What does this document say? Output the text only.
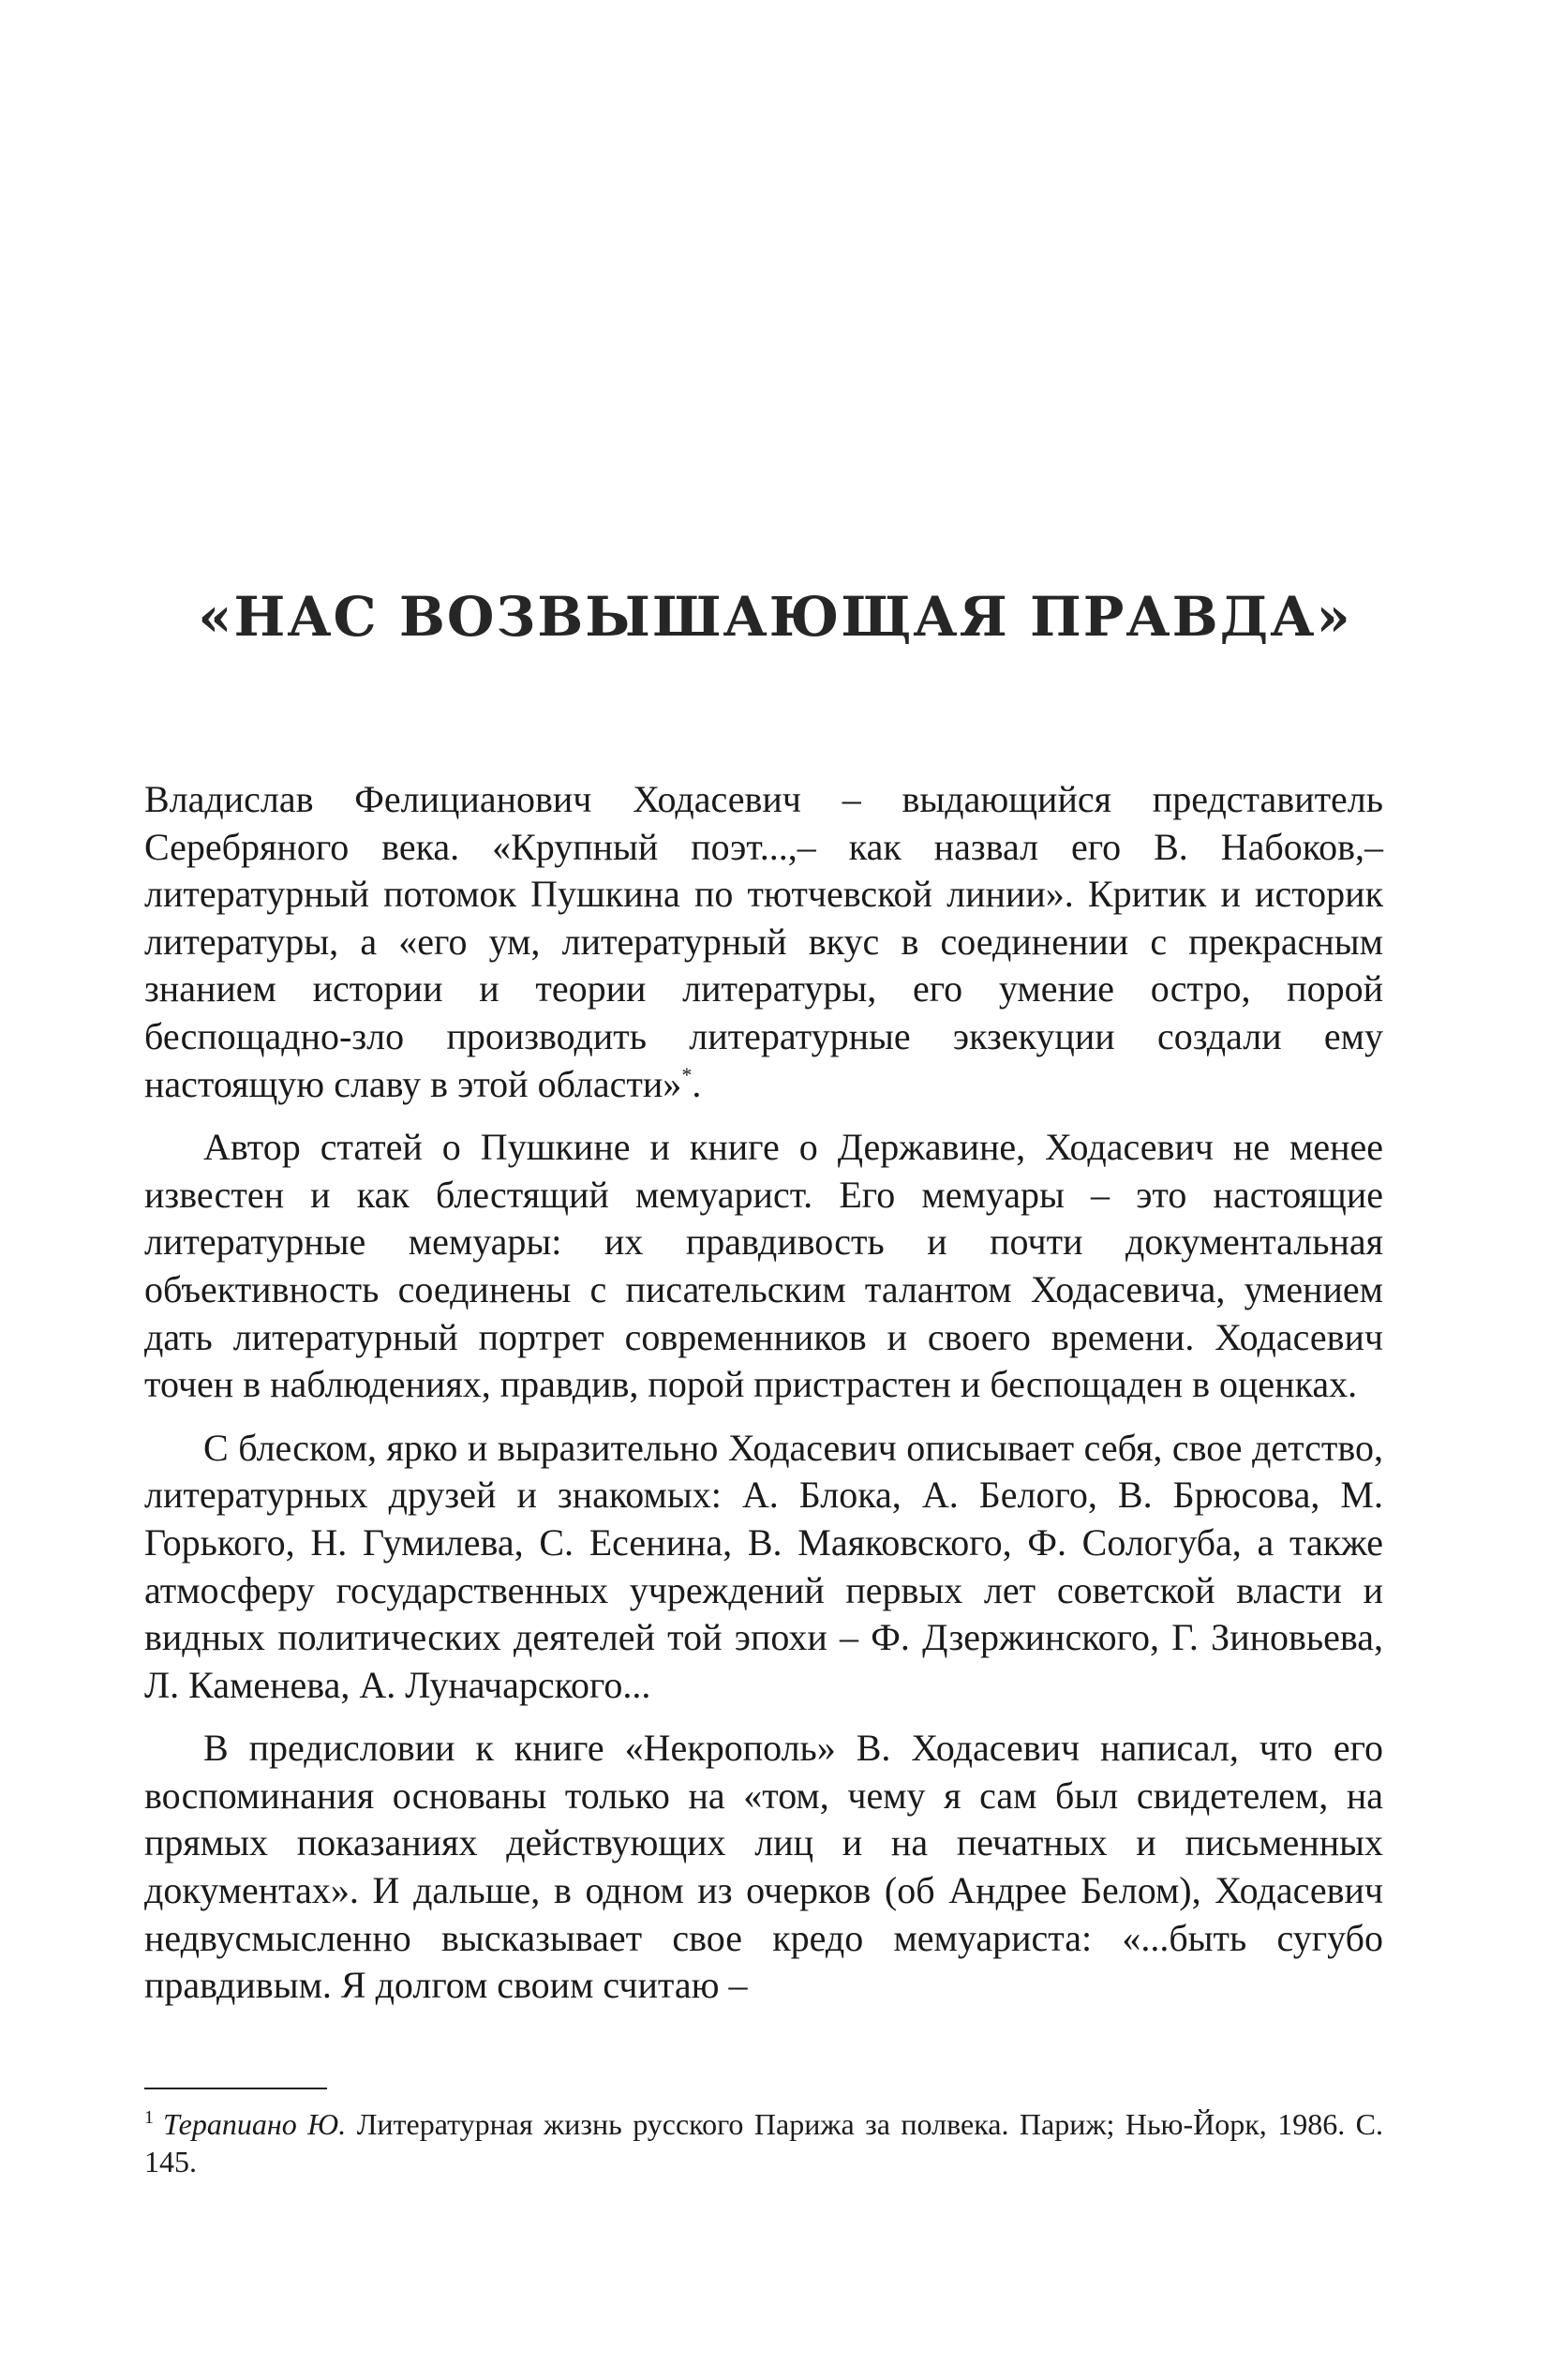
«НАС ВОЗВЫШАЮЩАЯ ПРАВДА»

Владислав Фелицианович Ходасевич – выдающийся представитель Серебряного века. «Крупный поэт...,– как назвал его В. Набоков,– литературный потомок Пушкина по тютчевской линии». Критик и историк литературы, а «его ум, литературный вкус в соединении с прекрасным знанием истории и теории литературы, его умение остро, порой беспощадно-зло производить литературные экзекуции создали ему настоящую славу в этой области»*.

Автор статей о Пушкине и книге о Державине, Ходасевич не менее известен и как блестящий мемуарист. Его мемуары – это настоящие литературные мемуары: их правдивость и почти документальная объективность соединены с писательским талантом Ходасевича, умением дать литературный портрет современников и своего времени. Ходасевич точен в наблюдениях, правдив, порой пристрастен и беспощаден в оценках.

С блеском, ярко и выразительно Ходасевич описывает себя, свое детство, литературных друзей и знакомых: А. Блока, А. Белого, В. Брюсова, М. Горького, Н. Гумилева, С. Есенина, В. Маяковского, Ф. Сологуба, а также атмосферу государственных учреждений первых лет советской власти и видных политических деятелей той эпохи – Ф. Дзержинского, Г. Зиновьева, Л. Каменева, А. Луначарского...

В предисловии к книге «Некрополь» В. Ходасевич написал, что его воспоминания основаны только на «том, чему я сам был свидетелем, на прямых показаниях действующих лиц и на печатных и письменных документах». И дальше, в одном из очерков (об Андрее Белом), Ходасевич недвусмысленно высказывает свое кредо мемуариста: «...быть сугубо правдивым. Я долгом своим считаю –

$^1$ Терапиано Ю. Литературная жизнь русского Парижа за полвека. Париж; Нью-Йорк, 1986. С. 145.
